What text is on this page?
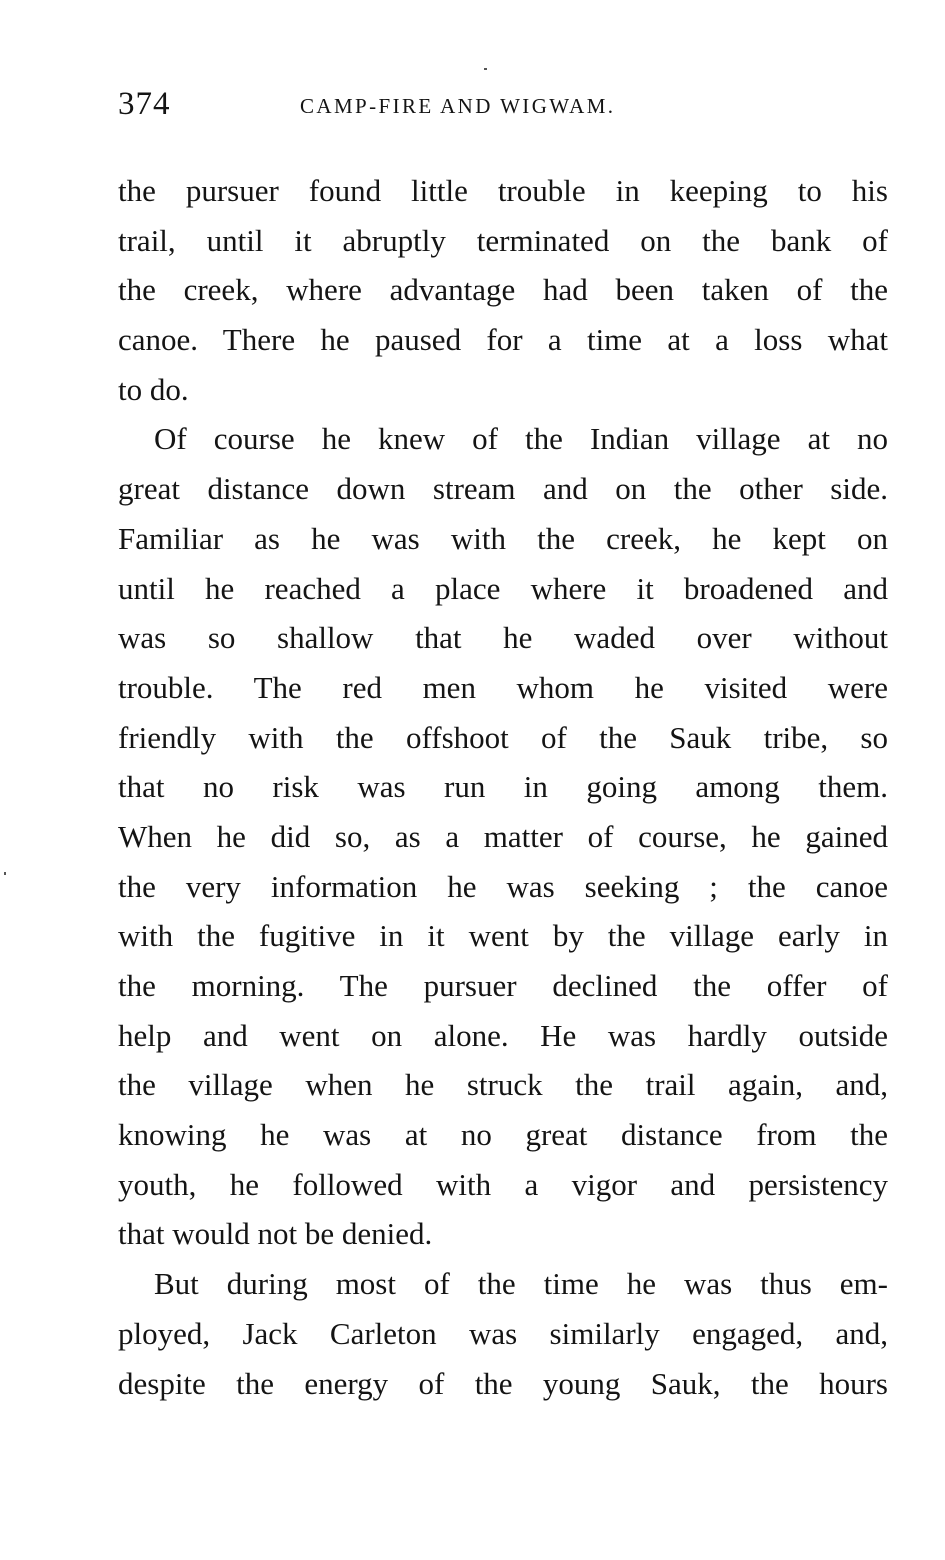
374	CAMP-FIRE AND WIGWAM.
the pursuer found little trouble in keeping to his
trail, until it abruptly terminated on the bank of
the creek, where advantage had been taken of the
canoe. There he paused for a time at a loss what
to do.
Of course he knew of the Indian village at no
great distance down stream and on the other side.
Familiar as he was with the creek, he kept on
until he reached a place where it broadened and
was so shallow that he waded over without
trouble. The red men whom he visited were
friendly with the offshoot of the Sauk tribe, so
that no risk was run in going among them.
When he did so, as a matter of course, he gained
the very information he was seeking ; the canoe
with the fugitive in it went by the village early in
the morning. The pursuer declined the offer of
help and went on alone. He was hardly outside
the village when he struck the trail again, and,
knowing he was at no great distance from the
youth, he followed with a vigor and persistency
that would not be denied.
But during most of the time he was thus em-
ployed, Jack Carleton was similarly engaged, and,
despite the energy of the young Sauk, the hours
